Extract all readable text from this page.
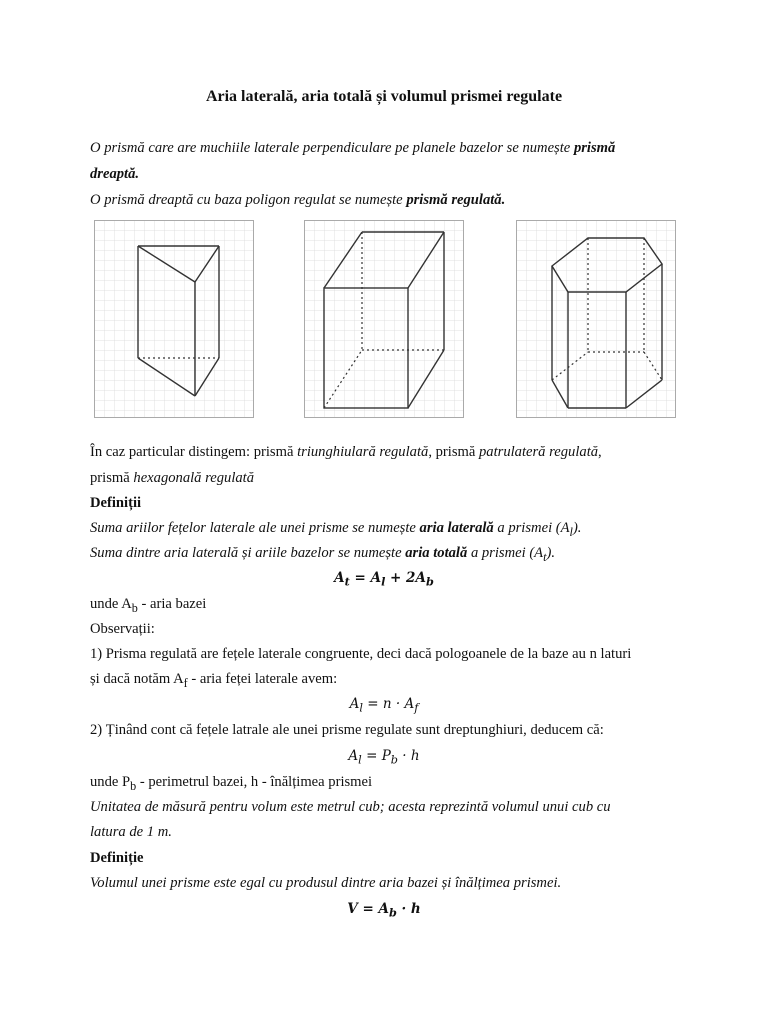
Aria laterală, aria totală și volumul prismei regulate
O prismă care are muchiile laterale perpendiculare pe planele bazelor se numește prismă
dreaptă.
O prismă dreaptă cu baza poligon regulat se numește prismă regulată.
În caz particular distingem: prismă triunghiulară regulată, prismă patrulateră regulată,
prismă hexagonală regulată
Definiții
Suma ariilor fețelor laterale ale unei prisme se numește aria laterală a prismei $(A_l)$.
Suma dintre aria laterală și ariile bazelor se numește aria totală a prismei $(A_t)$.
$A_t = A_l + 2A_b$
unde $A_b$ - aria bazei
Observații:
1) Prisma regulată are fețele laterale congruente, deci dacă pologoanele de la baze au n laturi
și dacă notăm $A_f$ - aria feței laterale avem:
$A_l = n \cdot A_f$
2) Ținând cont că fețele latrale ale unei prisme regulate sunt dreptunghiuri, deducem că:
$A_l = P_b \cdot h$
unde $P_b$ - perimetrul bazei, h - înălțimea prismei
Unitatea de măsură pentru volum este metrul cub; acesta reprezintă volumul unui cub cu
latura de 1 m.
Definiție
Volumul unei prisme este egal cu produsul dintre aria bazei și înălțimea prismei.
$V = A_b \cdot h$
